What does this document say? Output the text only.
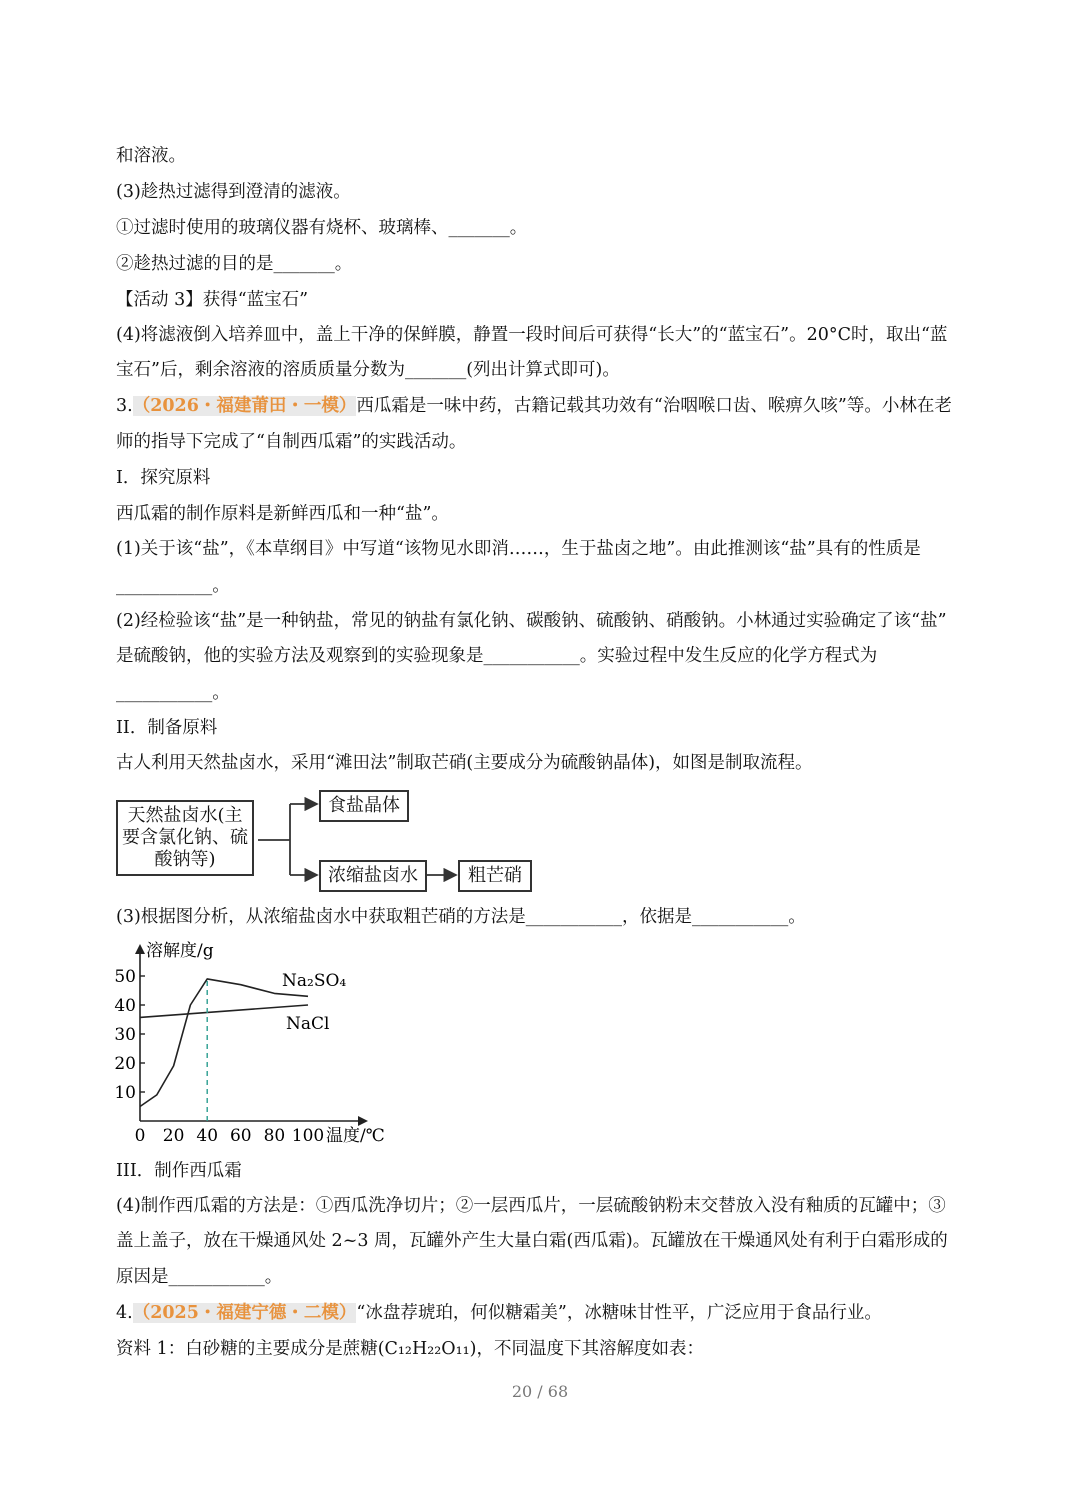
和溶液。
(3)趁热过滤得到澄清的滤液。
①过滤时使用的玻璃仪器有烧杯、玻璃棒、_______。
②趁热过滤的目的是_______。
【活动 3】获得“蓝宝石”
(4)将滤液倒入培养皿中，盖上干净的保鲜膜，静置一段时间后可获得“长大”的“蓝宝石”。20°C时，取出“蓝
宝石”后，剩余溶液的溶质质量分数为_______(列出计算式即可)。
3.（2026・福建莆田・一模）西瓜霜是一味中药，古籍记载其功效有“治咽喉口齿、喉痹久咳”等。小林在老
师的指导下完成了“自制西瓜霜”的实践活动。
I．探究原料
西瓜霜的制作原料是新鲜西瓜和一种“盐”。
(1)关于该“盐”，《本草纲目》中写道“该物见水即消……，生于盐卤之地”。由此推测该“盐”具有的性质是
___________。
(2)经检验该“盐”是一种钠盐，常见的钠盐有氯化钠、碳酸钠、硫酸钠、硝酸钠。小林通过实验确定了该“盐”
是硫酸钠，他的实验方法及观察到的实验现象是___________。实验过程中发生反应的化学方程式为
___________。
II．制备原料
古人利用天然盐卤水，采用“滩田法”制取芒硝(主要成分为硫酸钠晶体)，如图是制取流程。
天然盐卤水(主要含氯化钠、硫酸钠等)
食盐晶体
浓缩盐卤水	粗芒硝
(3)根据图分析，从浓缩盐卤水中获取粗芒硝的方法是___________，依据是___________。
溶解度/g
温度/℃
10
20
30
40
50
0 20 40 60 80 100
Na₂SO₄
NaCl
III．制作西瓜霜
(4)制作西瓜霜的方法是：①西瓜洗净切片；②一层西瓜片，一层硫酸钠粉末交替放入没有釉质的瓦罐中；③
盖上盖子，放在干燥通风处 2~3 周，瓦罐外产生大量白霜(西瓜霜)。瓦罐放在干燥通风处有利于白霜形成的
原因是___________。
4.（2025・福建宁德・二模）“冰盘荐琥珀，何似糖霜美”，冰糖味甘性平，广泛应用于食品行业。
资料 1：白砂糖的主要成分是蔗糖(C₁₂H₂₂O₁₁)，不同温度下其溶解度如表：
20 / 68
